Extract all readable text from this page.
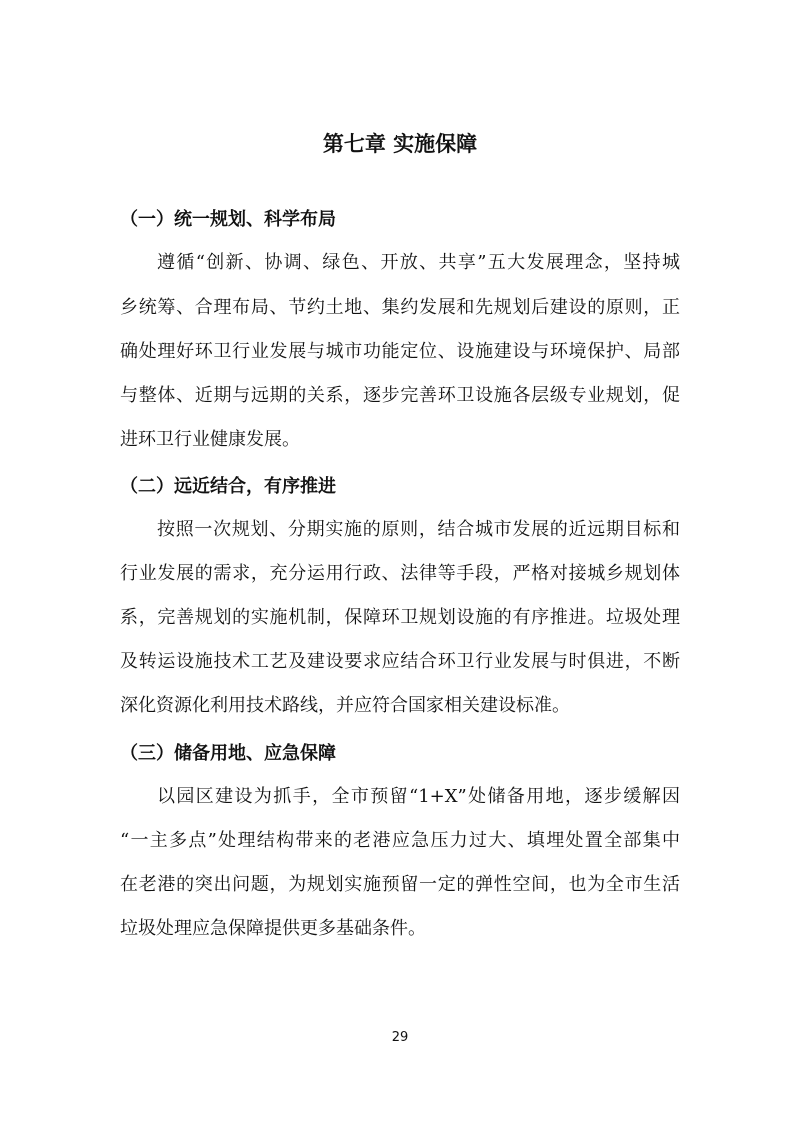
第七章 实施保障
（一）统一规划、科学布局
遵循“创新、协调、绿色、开放、共享”五大发展理念，坚持城
乡统筹、合理布局、节约土地、集约发展和先规划后建设的原则，正
确处理好环卫行业发展与城市功能定位、设施建设与环境保护、局部
与整体、近期与远期的关系，逐步完善环卫设施各层级专业规划，促
进环卫行业健康发展。
（二）远近结合，有序推进
按照一次规划、分期实施的原则，结合城市发展的近远期目标和
行业发展的需求，充分运用行政、法律等手段，严格对接城乡规划体
系，完善规划的实施机制，保障环卫规划设施的有序推进。垃圾处理
及转运设施技术工艺及建设要求应结合环卫行业发展与时俱进，不断
深化资源化利用技术路线，并应符合国家相关建设标准。
（三）储备用地、应急保障
以园区建设为抓手，全市预留“1+X”处储备用地，逐步缓解因
“一主多点”处理结构带来的老港应急压力过大、填埋处置全部集中
在老港的突出问题，为规划实施预留一定的弹性空间，也为全市生活
垃圾处理应急保障提供更多基础条件。
29
